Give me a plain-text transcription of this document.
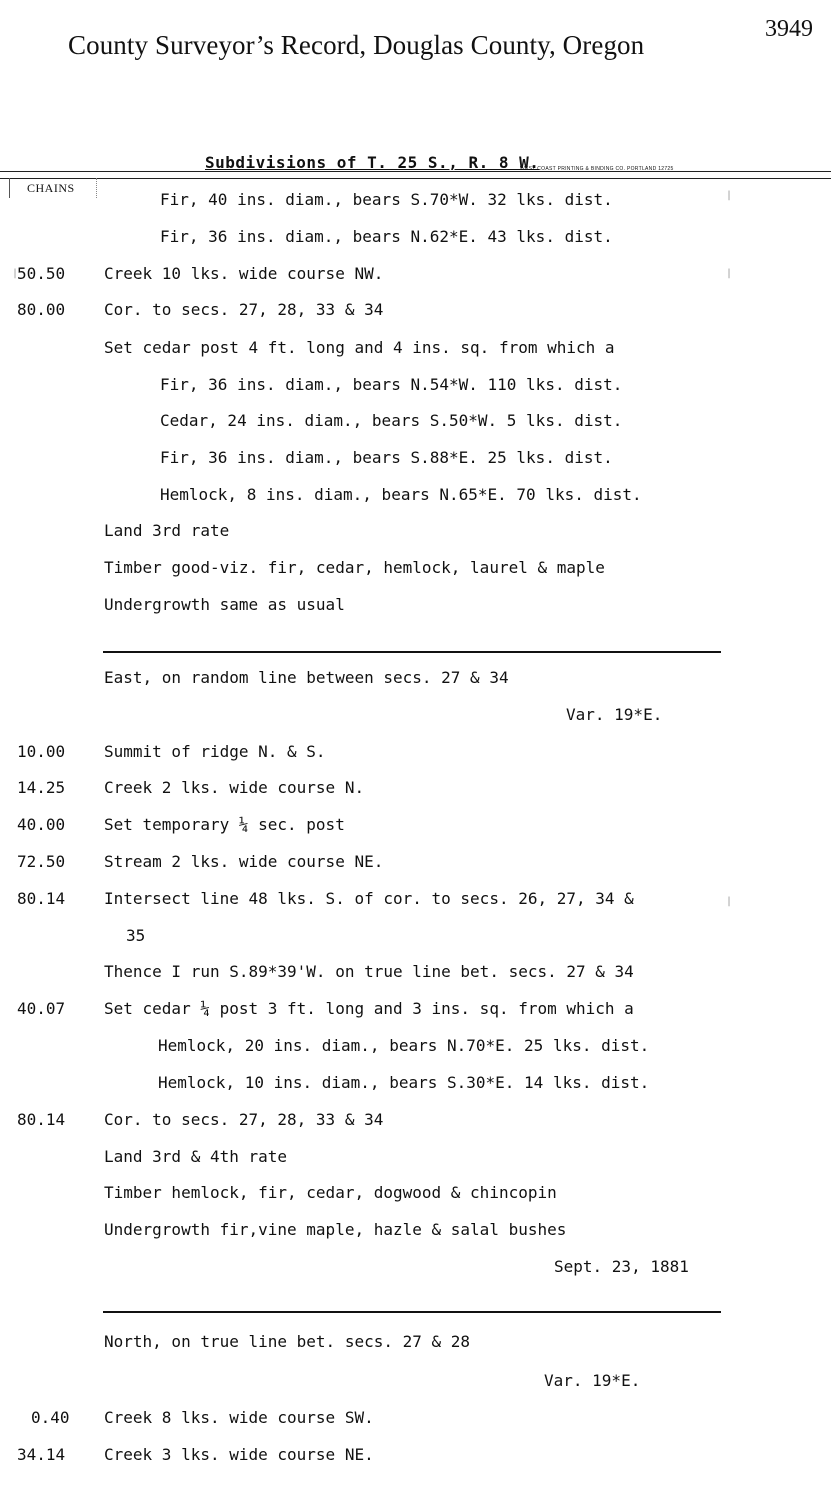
County Surveyor’s Record, Douglas County, Oregon
3949
Subdivisions of T. 25 S., R. 8 W.
WEST COAST PRINTING & BINDING CO. PORTLAND 12725
CHAINS
Fir, 40 ins. diam., bears S.70*W. 32 lks. dist.
Fir, 36 ins. diam., bears N.62*E. 43 lks. dist.
50.50 Creek 10 lks. wide course NW.
80.00 Cor. to secs. 27, 28, 33 & 34
Set cedar post 4 ft. long and 4 ins. sq. from which a
Fir, 36 ins. diam., bears N.54*W. 110 lks. dist.
Cedar, 24 ins. diam., bears S.50*W. 5 lks. dist.
Fir, 36 ins. diam., bears S.88*E. 25 lks. dist.
Hemlock, 8 ins. diam., bears N.65*E. 70 lks. dist.
Land 3rd rate
Timber good-viz. fir, cedar, hemlock, laurel & maple
Undergrowth same as usual
East, on random line between secs. 27 & 34
Var. 19*E.
10.00 Summit of ridge N. & S.
14.25 Creek 2 lks. wide course N.
40.00 Set temporary ¼ sec. post
72.50 Stream 2 lks. wide course NE.
80.14 Intersect line 48 lks. S. of cor. to secs. 26, 27, 34 &
35
Thence I run S.89*39'W. on true line bet. secs. 27 & 34
40.07 Set cedar ¼ post 3 ft. long and 3 ins. sq. from which a
Hemlock, 20 ins. diam., bears N.70*E. 25 lks. dist.
Hemlock, 10 ins. diam., bears S.30*E. 14 lks. dist.
80.14 Cor. to secs. 27, 28, 33 & 34
Land 3rd & 4th rate
Timber hemlock, fir, cedar, dogwood & chincopin
Undergrowth fir,vine maple, hazle & salal bushes
Sept. 23, 1881
North, on true line bet. secs. 27 & 28
Var. 19*E.
0.40 Creek 8 lks. wide course SW.
34.14 Creek 3 lks. wide course NE.
|
|
|
|
